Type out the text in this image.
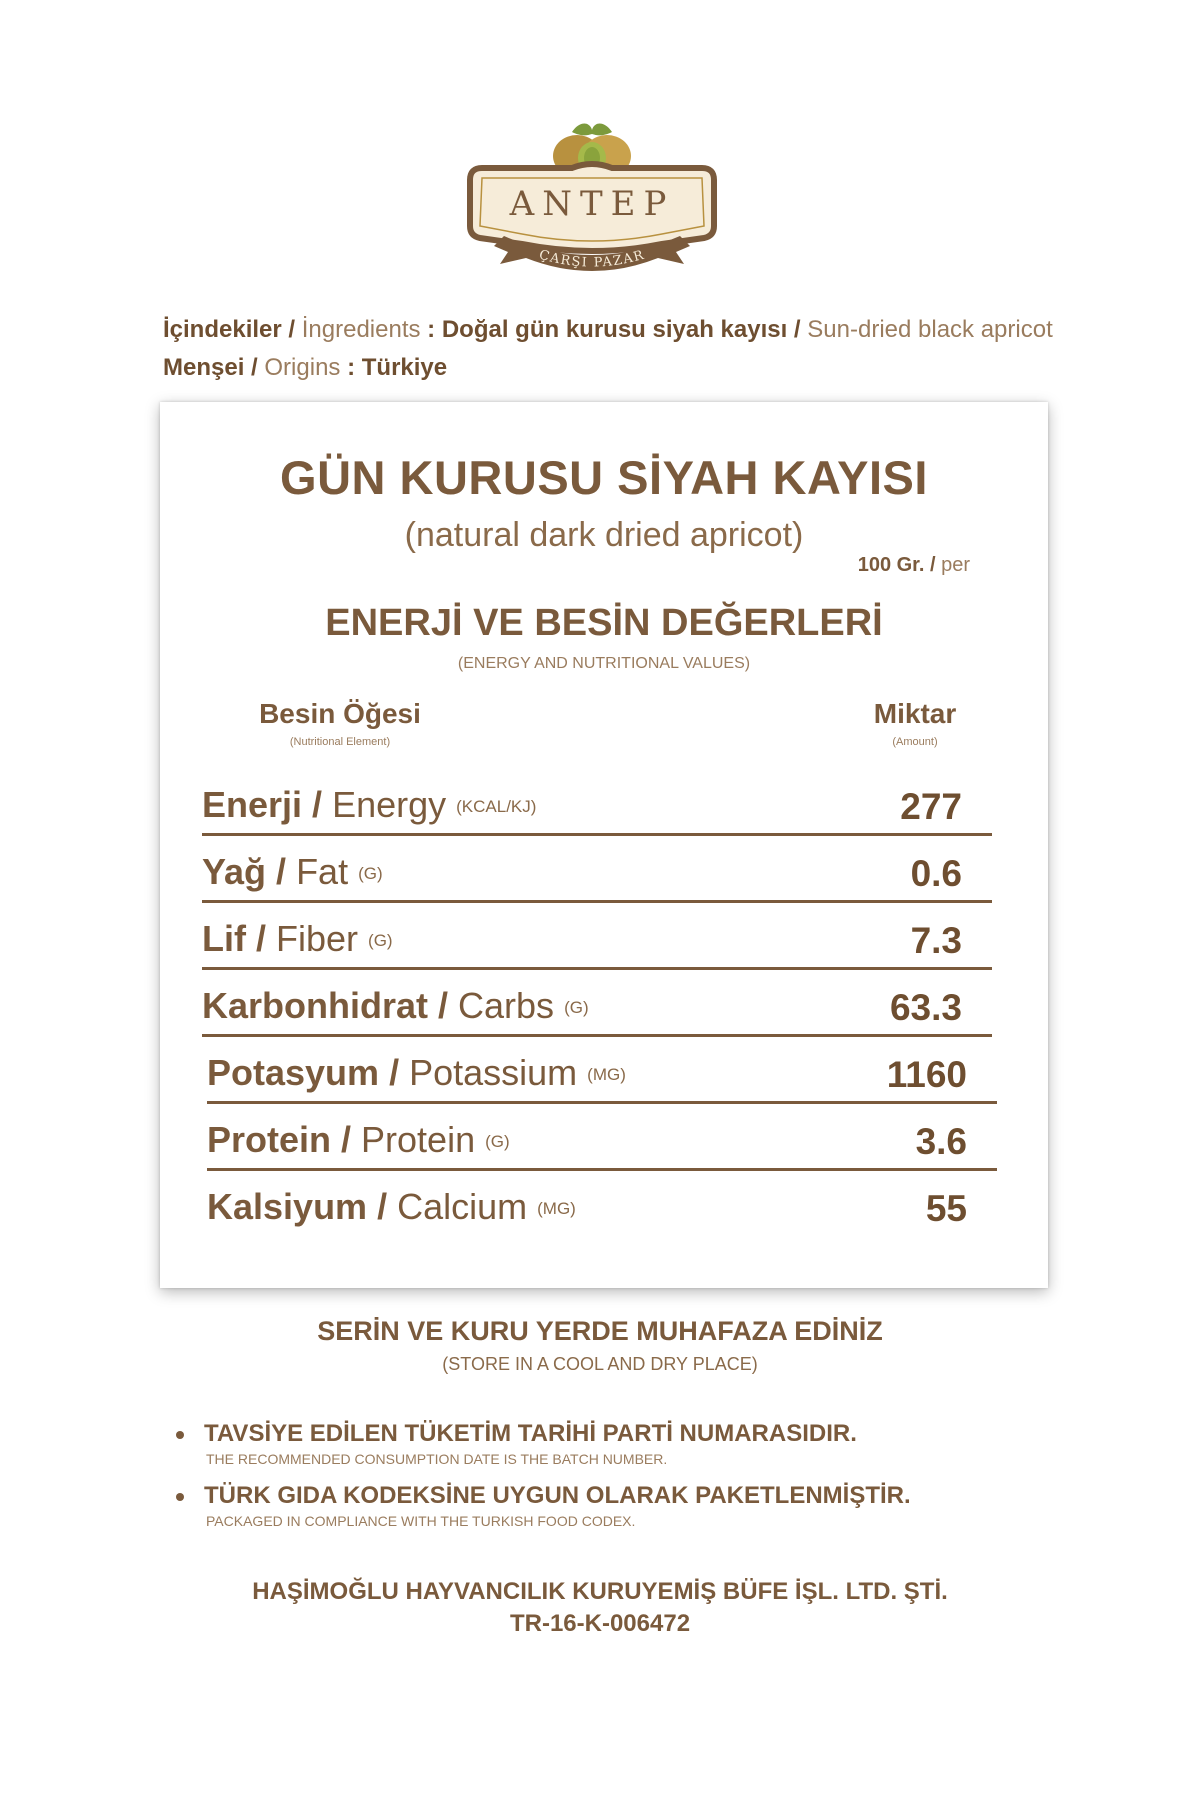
ANTEP
ÇARŞI PAZAR
İçindekiler / İngredients : Doğal gün kurusu siyah kayısı / Sun-dried black apricot
Menşei / Origins : Türkiye
GÜN KURUSU SİYAH KAYISI
(natural dark dried apricot)
100 Gr. / per
ENERJİ VE BESİN DEĞERLERİ
(ENERGY AND NUTRITIONAL VALUES)
Besin Öğesi
(Nutritional Element)
Miktar
(Amount)
Enerji / Energy (KCAL/KJ)	277
Yağ / Fat (G)	0.6
Lif / Fiber (G)	7.3
Karbonhidrat / Carbs (G)	63.3
Potasyum / Potassium (MG)	1160
Protein / Protein (G)	3.6
Kalsiyum / Calcium (MG)	55
SERİN VE KURU YERDE MUHAFAZA EDİNİZ
(STORE IN A COOL AND DRY PLACE)
TAVSİYE EDİLEN TÜKETİM TARİHİ PARTİ NUMARASIDIR.
THE RECOMMENDED CONSUMPTION DATE IS THE BATCH NUMBER.
TÜRK GIDA KODEKSİNE UYGUN OLARAK PAKETLENMİŞTİR.
PACKAGED IN COMPLIANCE WITH THE TURKISH FOOD CODEX.
HAŞİMOĞLU HAYVANCILIK KURUYEMİŞ BÜFE İŞL. LTD. ŞTİ.
TR-16-K-006472
